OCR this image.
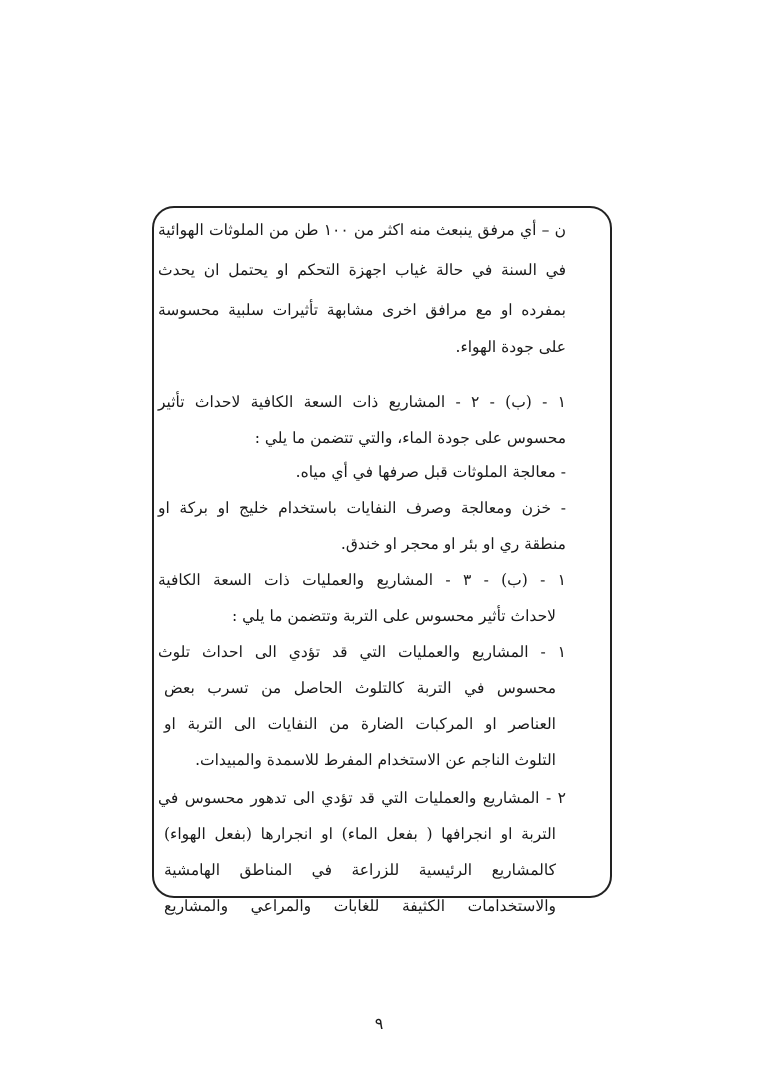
ن – أي مرفق ينبعث منه اكثر من ١٠٠ طن من الملوثات الهوائية
في السنة في حالة غياب اجهزة التحكم او يحتمل ان يحدث
بمفرده او مع مرافق اخرى مشابهة تأثيرات سلبية محسوسة
على جودة الهواء.
١ - (ب) - ٢ - المشاريع ذات السعة الكافية لاحداث تأثير
محسوس على جودة الماء، والتي تتضمن ما يلي :
- معالجة الملوثات قبل صرفها في أي مياه.
- خزن ومعالجة وصرف النفايات باستخدام خليج او بركة او
منطقة ري او بئر او محجر او خندق.
١ - (ب) - ٣ - المشاريع والعمليات ذات السعة الكافية
لاحداث تأثير محسوس على التربة وتتضمن ما يلي :
١ - المشاريع والعمليات التي قد تؤدي الى احداث تلوث
محسوس في التربة كالتلوث الحاصل من تسرب بعض
العناصر او المركبات الضارة من النفايات الى التربة او
التلوث الناجم عن الاستخدام المفرط للاسمدة والمبيدات.
٢ - المشاريع والعمليات التي قد تؤدي الى تدهور محسوس في
التربة او انجرافها ( بفعل الماء) او انجرارها (بفعل الهواء)
كالمشاريع الرئيسية للزراعة في المناطق الهامشية
والاستخدامات الكثيفة للغابات والمراعي والمشاريع
٩
